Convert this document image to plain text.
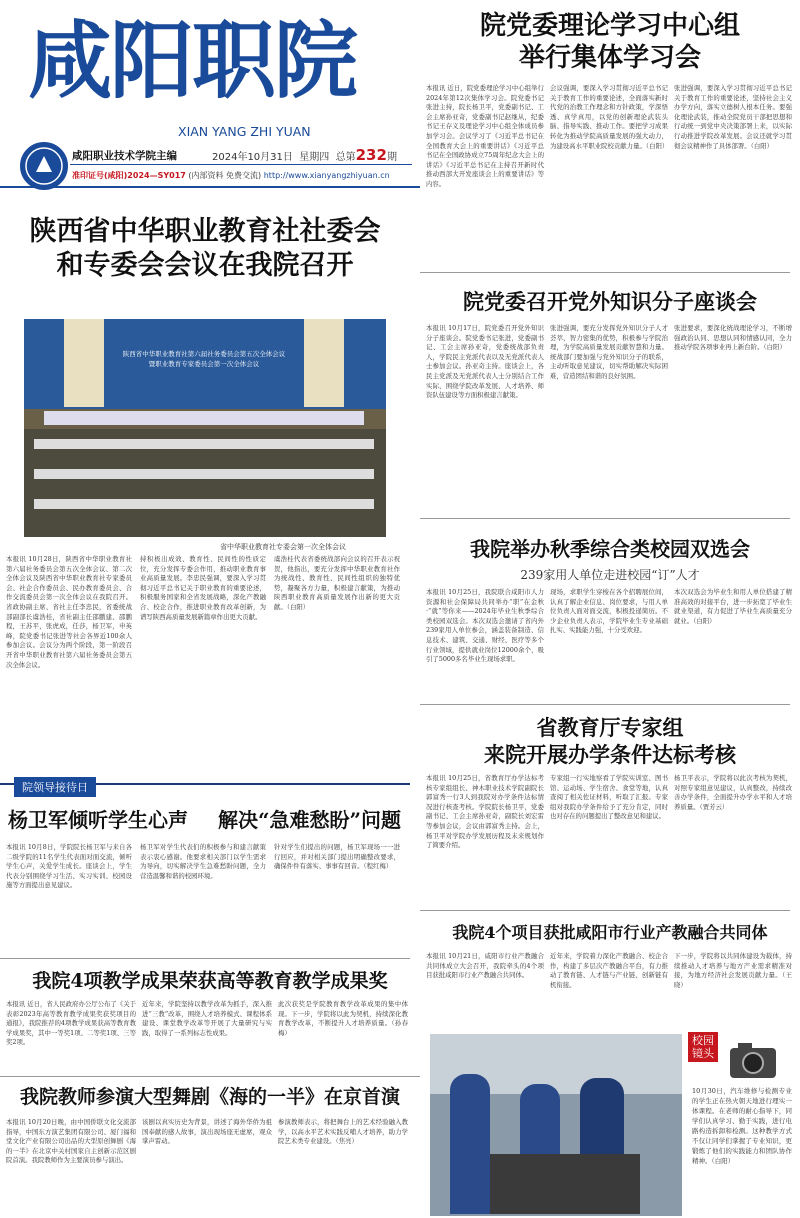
咸阳职院
XIAN YANG ZHI YUAN
咸阳职业技术学院主编	2024年10月31日 星期四 总第232期
准印证号(咸阳)2024—SY017 (内部资料 免费交流) http://www.xianyangzhiyuan.cn
院党委理论学习中心组
举行集体学习会
本报讯 近日，院党委理论学习中心组举行2024年第12次集体学习会。院党委书记张进主持，院长杨卫平，党委副书记、工会主席孙亚奇，党委副书记赵继从，纪委书记王存义及理论学习中心组全体成员参加学习会。会议学习了《习近平总书记在全国教育大会上的重要讲话》《习近平总书记在全国政协成立75周年纪念大会上的讲话》《习近平总书记在主持召开新时代推动西部大开发座谈会上的重要讲话》等内容。
会议强调，要深入学习贯彻习近平总书记关于教育工作的重要论述，全面落实新时代党的治教工作理念和方针政策，学深悟透、真学真用，以党的创新理论武装头脑、指导实践、推动工作。要把学习成果转化为推动学院高质量发展的强大动力，为建设高水平职业院校贡献力量。（白阳）
张进强调，要深入学习贯彻习近平总书记关于教育工作的重要论述，坚持社会主义办学方向，落实立德树人根本任务。要强化理论武装，推动全院党员干部把思想和行动统一到党中央决策部署上来，以实际行动推进学院改革发展。会议还就学习贯彻会议精神作了具体部署。（白阳）
陕西省中华职业教育社社委会
和专委会会议在我院召开
陕西省中华职业教育社第六届社务委员会第五次全体会议
暨职业教育专家委员会第一次全体会议
省中华职业教育社专委会第一次全体会议
本报讯 10月28日，陕西省中华职业教育社第六届社务委员会第五次全体会议、第二次全体会议及陕西省中华职业教育社专家委员会、社企合作委员会、民办教育委员会、合作交流委员会第一次全体会议在我院召开。省政协副主席、省社主任李忠民，省委统战部副部长虞浩桂，省社副主任邵鹏建、邵鹏程，王苏平，张虎成，任莎，杨卫军，申英峰，院党委书记张进等社会各界近100余人参加会议。会议分为两个阶段，第一阶段召开省中华职业教育社第六届社务委员会第五次全体会议。
持积极出成效、教育性、民间性的性质定位，充分发挥专委会作用，推动职业教育事业高质量发展。李忠民强调，要深入学习贯彻习近平总书记关于职业教育的重要论述，积极服务国家和全省发展战略，深化产教融合、校企合作，推进职业教育改革创新，为谱写陕西高质量发展新篇章作出更大贡献。
虞浩桂代表省委统战部向会议的召开表示祝贺，他指出，要充分发挥中华职业教育社作为统战性、教育性、民间性组织的独特优势，凝聚各方力量，积极建言献策，为推动陕西职业教育高质量发展作出新的更大贡献。（白阳）
院党委召开党外知识分子座谈会
本报讯 10月17日，院党委召开党外知识分子座谈会。院党委书记张进，党委副书记、工会主席孙亚奇，党委统战部负责人，学院民主党派代表以及无党派代表人士参加会议。孙亚奇主持。座谈会上，各民主党派及无党派代表人士分别结合工作实际，围绕学院改革发展、人才培养、师资队伍建设等方面积极建言献策。
张进强调，要充分发挥党外知识分子人才荟萃、智力密集的优势，积极参与学院治理，为学院高质量发展贡献智慧和力量。统战部门要加强与党外知识分子的联系，主动听取意见建议，切实帮助解决实际困难，营造团结和谐的良好氛围。
张进要求，要深化统战理论学习，不断增强政治认同、思想认同和情感认同，全力推动学院各项事业再上新台阶。（白阳）
我院举办秋季综合类校园双选会
239家用人单位走进校园“订”人才
本报讯 10月25日，我院联合咸阳市人力资源和社会保障局共同举办“职”在金秋·“就”等你来——2024年毕业生秋季综合类校园双选会。本次双选会邀请了省内外239家用人单位参会，涵盖装备制造、信息技术、建筑、交通、财经、医疗等多个行业领域，提供就业岗位12000余个，吸引了5000多名毕业生现场求职。
现场，求职学生穿梭在各个招聘展位间，认真了解企业信息、岗位要求，与用人单位负责人面对面交流，积极投递简历。不少企业负责人表示，学院毕业生专业基础扎实、实践能力强，十分受欢迎。
本次双选会为毕业生和用人单位搭建了精准高效的对接平台，进一步拓宽了毕业生就业渠道，有力促进了毕业生高质量充分就业。（白阳）
省教育厅专家组
来院开展办学条件达标考核
本报讯 10月25日，省教育厅办学达标考核专家组组长、神木职业技术学院副院长郭富秀一行3人到我院对办学条件达标情况进行核查考核。学院院长杨卫平，党委副书记、工会主席孙亚奇，副院长刘宏雷等参加会议，会议由郭富秀主持。会上，杨卫平对学院办学发展历程及未来规划作了简要介绍。
专家组一行实地察看了学院实训室、图书馆、运动场、学生宿舍、食堂等地，认真查阅了相关佐证材料，听取了汇报。专家组对我院办学条件给予了充分肯定，同时也对存在的问题提出了整改意见和建议。
杨卫平表示，学院将以此次考核为契机，对照专家组意见建议，认真整改，持续改善办学条件，全面提升办学水平和人才培养质量。（贾芳云）
我院4个项目获批咸阳市行业产教融合共同体
本报讯 10月21日，咸阳市行业产教融合共同体成立大会召开，我院牵头的4个项目获批咸阳市行业产教融合共同体。
近年来，学院着力深化产教融合、校企合作，构建了多层次产教融合平台，有力推动了教育链、人才链与产业链、创新链有机衔接。
下一步，学院将以共同体建设为载体，持续推动人才培养与地方产业需求精准对接，为地方经济社会发展贡献力量。（王晓）
院领导接待日
杨卫军倾听学生心声	解决“急难愁盼”问题
本报讯 10月8日，学院院长杨卫军与来自各二级学院的11名学生代表面对面交流，倾听学生心声，关爱学生成长。座谈会上，学生代表分别围绕学习生活、实习实训、校园设施等方面提出意见建议。
杨卫军对学生代表们的积极参与和建言献策表示衷心感谢。他要求相关部门以学生需求为导向，切实解决学生急难愁盼问题，全力营造温馨和谐的校园环境。
针对学生们提出的问题，杨卫军现场一一进行回应，并对相关部门提出明确整改要求，确保件件有落实、事事有回音。（程红梅）
我院4项教学成果荣获高等教育教学成果奖
本报讯 近日，省人民政府办公厅公布了《关于表彰2023年高等教育教学成果奖获奖项目的通报》，我院推荐的4项教学成果获高等教育教学成果奖，其中一等奖1项、二等奖1项、三等奖2项。
近年来，学院坚持以教学改革为抓手，深入推进“三教”改革，围绕人才培养模式、课程体系建设、课堂教学改革等开展了大量研究与实践，取得了一系列标志性成果。
此次获奖是学院教育教学改革成果的集中体现。下一步，学院将以此为契机，持续深化教育教学改革，不断提升人才培养质量。（孙春梅）
我院教师参演大型舞剧《海的一半》在京首演
本报讯 10月20日晚，由中国侨联文化交流部指导，中国东方演艺集团有限公司、厦门福和堂文化产业有限公司出品的大型原创舞剧《海的一半》在北京中关村国家自主创新示范区剧院首演。我院教师作为主要演员参与演出。
该剧以真实历史为背景，讲述了海外华侨为祖国奉献的感人故事，演出现场座无虚席，观众掌声雷动。
参演教师表示，将把舞台上的艺术经验融入教学，以高水平艺术实践反哺人才培养，助力学院艺术类专业建设。（焦亮）
校园
镜头
10月30日，汽车维修与检测专业的学生正在热火朝天地进行理实一体课程。在老师的耐心指导下，同学们认真学习、勤于实践，进行电路构造拆卸和检测。这种教学方式不仅让同学们掌握了专业知识，更锻炼了他们的实践能力和团队协作精神。（白阳）
